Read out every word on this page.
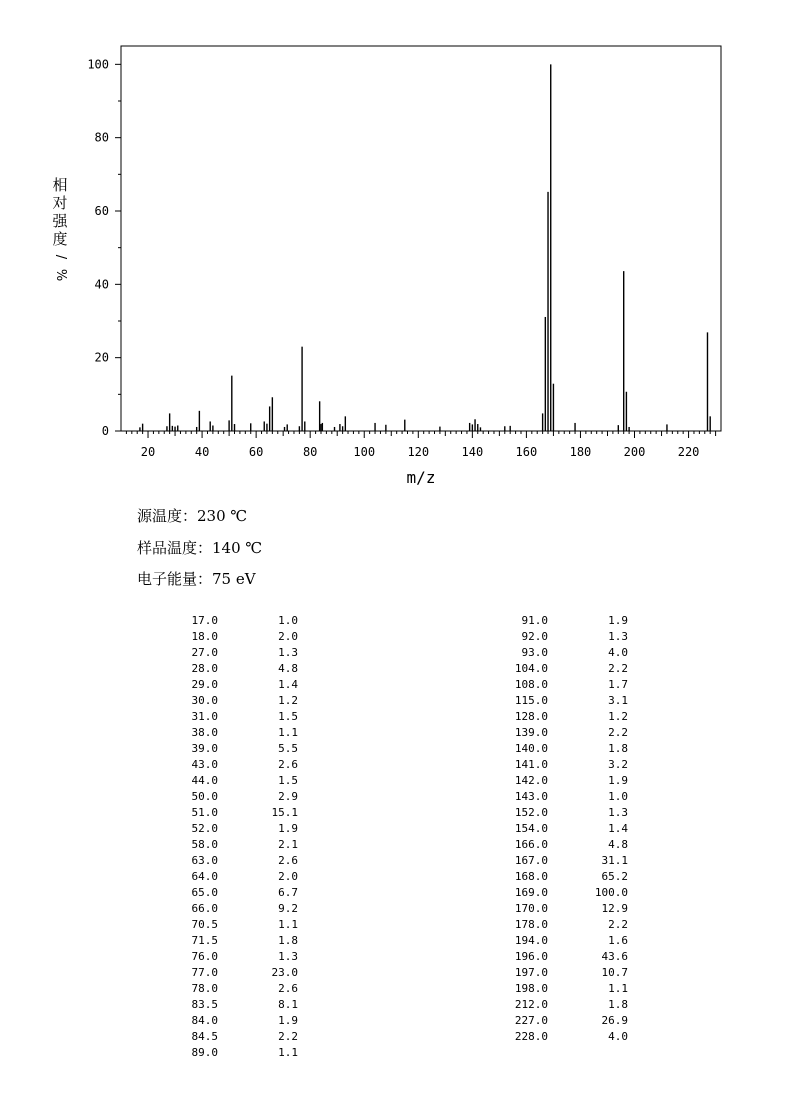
0
20
40
60
80
100
20	40	60	80	100	120	140	160	180	200	220
相
对
强
度
/
%
m/z
源温度：230 ℃
样品温度：140 ℃
电子能量：75 eV
17.0	1.0
18.0	2.0
27.0	1.3
28.0	4.8
29.0	1.4
30.0	1.2
31.0	1.5
38.0	1.1
39.0	5.5
43.0	2.6
44.0	1.5
50.0	2.9
51.0	15.1
52.0	1.9
58.0	2.1
63.0	2.6
64.0	2.0
65.0	6.7
66.0	9.2
70.5	1.1
71.5	1.8
76.0	1.3
77.0	23.0
78.0	2.6
83.5	8.1
84.0	1.9
84.5	2.2
89.0	1.1
91.0	1.9
92.0	1.3
93.0	4.0
104.0	2.2
108.0	1.7
115.0	3.1
128.0	1.2
139.0	2.2
140.0	1.8
141.0	3.2
142.0	1.9
143.0	1.0
152.0	1.3
154.0	1.4
166.0	4.8
167.0	31.1
168.0	65.2
169.0	100.0
170.0	12.9
178.0	2.2
194.0	1.6
196.0	43.6
197.0	10.7
198.0	1.1
212.0	1.8
227.0	26.9
228.0	4.0
